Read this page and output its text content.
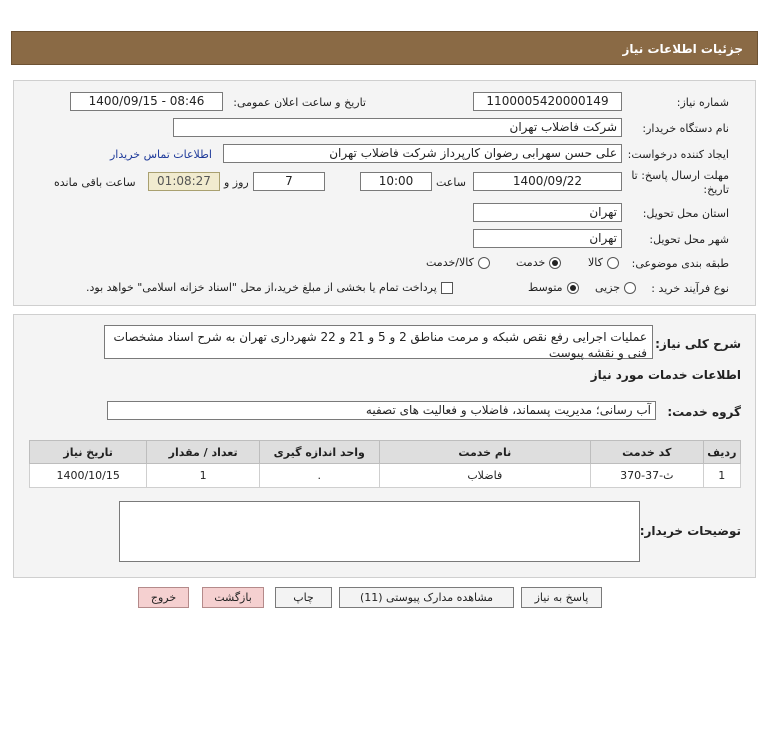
جزئیات اطلاعات نیاز
شماره نیاز:
1100005420000149
تاریخ و ساعت اعلان عمومی:
1400/09/15 - 08:46
نام دستگاه خریدار:
شرکت فاضلاب تهران
ایجاد کننده درخواست:
علی حسن سهرابی رضوان کارپرداز شرکت فاضلاب تهران
اطلاعات تماس خریدار
مهلت ارسال پاسخ: تا تاریخ:
1400/09/22
ساعت
10:00
7
روز و
01:08:27
ساعت باقی مانده
استان محل تحویل:
تهران
شهر محل تحویل:
تهران
طبقه بندی موضوعی:
کالا
خدمت
کالا/خدمت
نوع فرآیند خرید :
جزیی
متوسط
پرداخت تمام یا بخشی از مبلغ خرید،از محل "اسناد خزانه اسلامی" خواهد بود.
شرح کلی نیاز:
عملیات اجرایی رفع نقص شبکه و مرمت مناطق 2 و 5 و 21 و 22 شهرداری تهران به شرح اسناد مشخصات فنی و نقشه پیوست
اطلاعات خدمات مورد نیاز
گروه خدمت:
آب رسانی؛ مدیریت پسماند، فاضلاب و فعالیت های تصفیه
ردیف	کد خدمت	نام خدمت	واحد اندازه گیری	تعداد / مقدار	تاریخ نیاز
1	ث-37-370	فاضلاب	.	1	1400/10/15
توضیحات خریدار:
پاسخ به نیاز
مشاهده مدارک پیوستی (11)
چاپ
بازگشت
خروج
